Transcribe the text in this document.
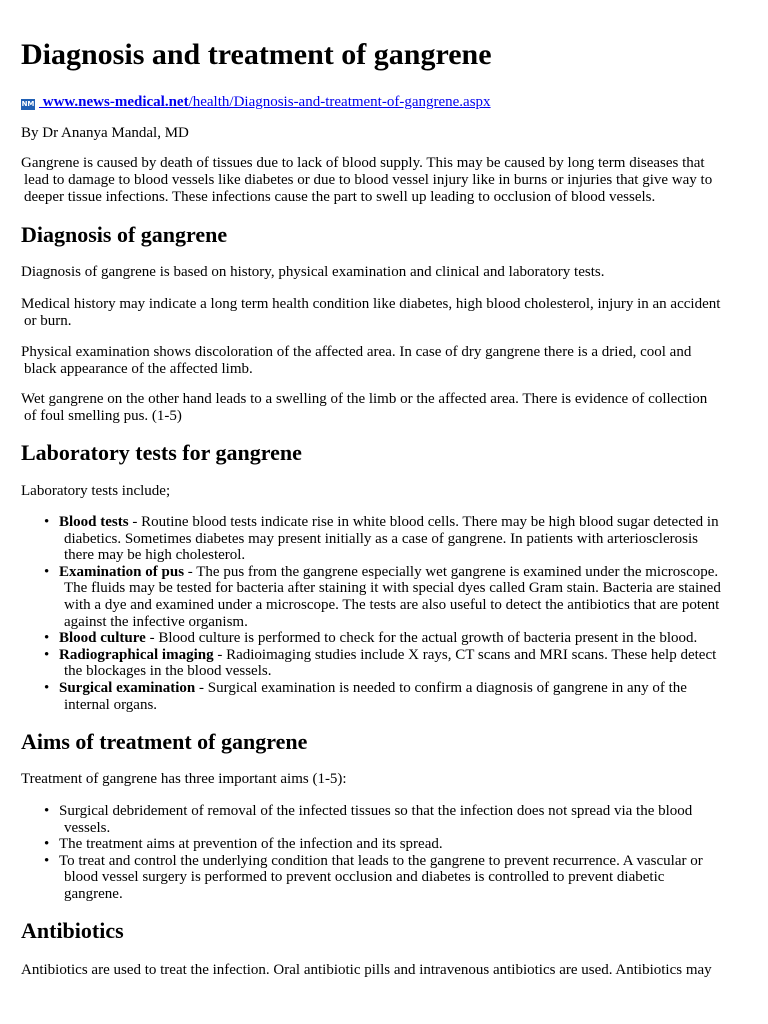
Diagnosis and treatment of gangrene
NM www.news-medical.net/health/Diagnosis-and-treatment-of-gangrene.aspx
By Dr Ananya Mandal, MD
Gangrene is caused by death of tissues due to lack of blood supply. This may be caused by long term diseases that
lead to damage to blood vessels like diabetes or due to blood vessel injury like in burns or injuries that give way to
deeper tissue infections. These infections cause the part to swell up leading to occlusion of blood vessels.
Diagnosis of gangrene
Diagnosis of gangrene is based on history, physical examination and clinical and laboratory tests.
Medical history may indicate a long term health condition like diabetes, high blood cholesterol, injury in an accident
or burn.
Physical examination shows discoloration of the affected area. In case of dry gangrene there is a dried, cool and
black appearance of the affected limb.
Wet gangrene on the other hand leads to a swelling of the limb or the affected area. There is evidence of collection
of foul smelling pus. (1-5)
Laboratory tests for gangrene
Laboratory tests include;
• Blood tests - Routine blood tests indicate rise in white blood cells. There may be high blood sugar detected in
diabetics. Sometimes diabetes may present initially as a case of gangrene. In patients with arteriosclerosis
there may be high cholesterol.
• Examination of pus - The pus from the gangrene especially wet gangrene is examined under the microscope.
The fluids may be tested for bacteria after staining it with special dyes called Gram stain. Bacteria are stained
with a dye and examined under a microscope. The tests are also useful to detect the antibiotics that are potent
against the infective organism.
• Blood culture - Blood culture is performed to check for the actual growth of bacteria present in the blood.
• Radiographical imaging - Radioimaging studies include X rays, CT scans and MRI scans. These help detect
the blockages in the blood vessels.
• Surgical examination - Surgical examination is needed to confirm a diagnosis of gangrene in any of the
internal organs.
Aims of treatment of gangrene
Treatment of gangrene has three important aims (1-5):
• Surgical debridement of removal of the infected tissues so that the infection does not spread via the blood
vessels.
• The treatment aims at prevention of the infection and its spread.
• To treat and control the underlying condition that leads to the gangrene to prevent recurrence. A vascular or
blood vessel surgery is performed to prevent occlusion and diabetes is controlled to prevent diabetic
gangrene.
Antibiotics
Antibiotics are used to treat the infection. Oral antibiotic pills and intravenous antibiotics are used. Antibiotics may
